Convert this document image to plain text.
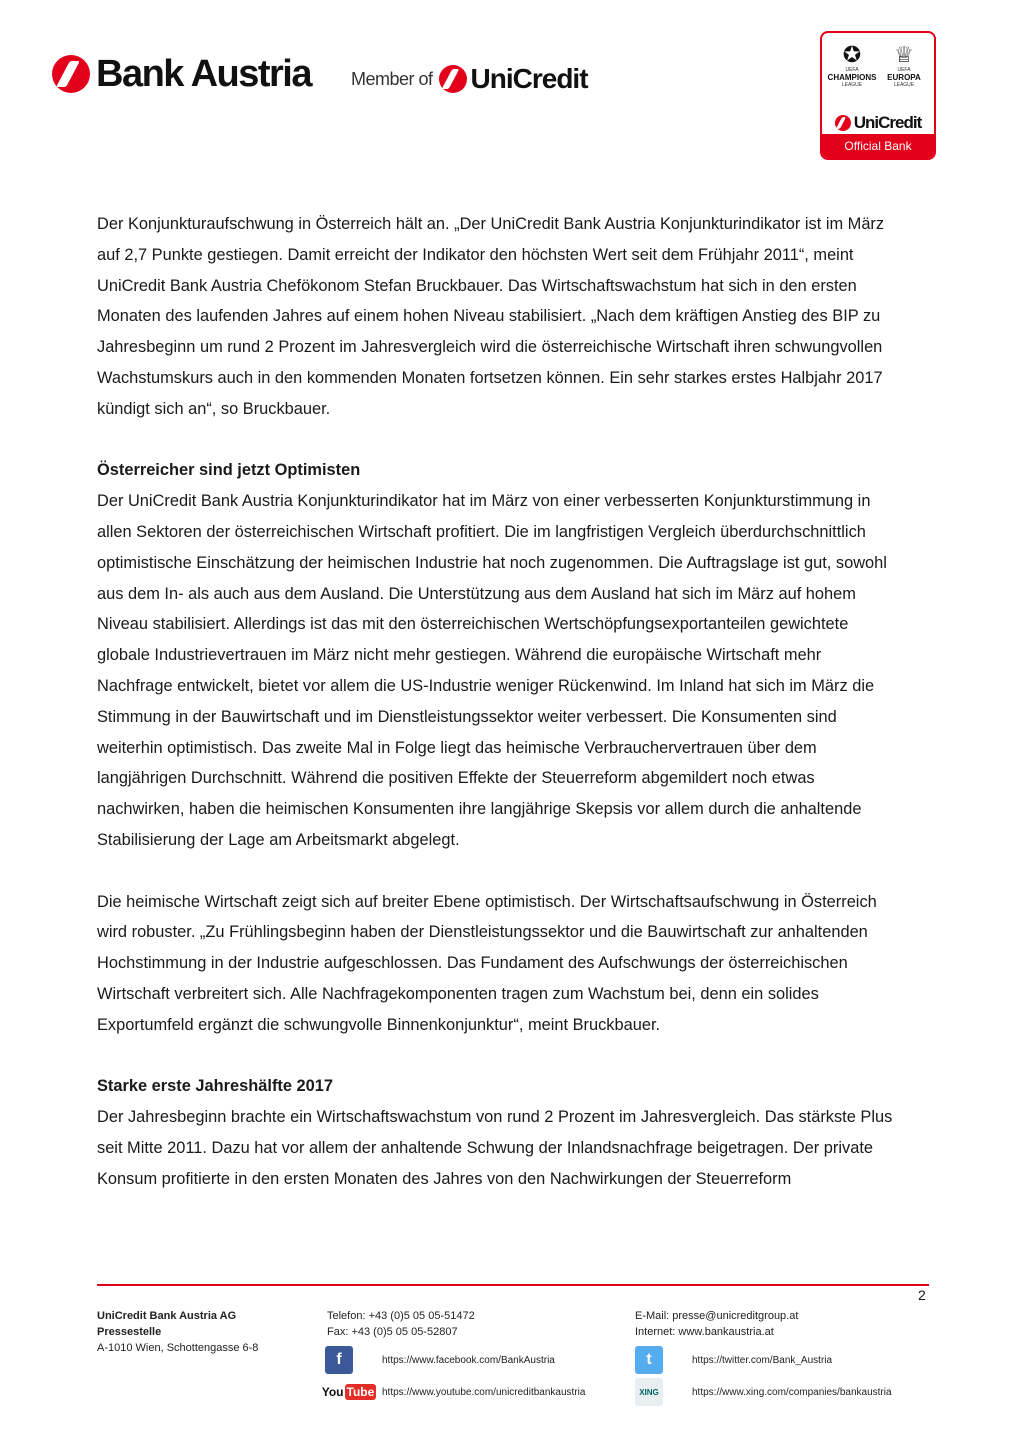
Bank Austria Member of UniCredit
✪
UEFA
CHAMPIONS
LEAGUE
♕
UEFA
EUROPA
LEAGUE
UniCredit
Official Bank

Der Konjunkturaufschwung in Österreich hält an. „Der UniCredit Bank Austria Konjunkturindikator ist im März auf 2,7 Punkte gestiegen. Damit erreicht der Indikator den höchsten Wert seit dem Frühjahr 2011“, meint UniCredit Bank Austria Chefökonom Stefan Bruckbauer. Das Wirtschaftswachstum hat sich in den ersten Monaten des laufenden Jahres auf einem hohen Niveau stabilisiert. „Nach dem kräftigen Anstieg des BIP zu Jahresbeginn um rund 2 Prozent im Jahresvergleich wird die österreichische Wirtschaft ihren schwungvollen Wachstumskurs auch in den kommenden Monaten fortsetzen können. Ein sehr starkes erstes Halbjahr 2017 kündigt sich an“, so Bruckbauer.

Österreicher sind jetzt Optimisten

Der UniCredit Bank Austria Konjunkturindikator hat im März von einer verbesserten Konjunkturstimmung in allen Sektoren der österreichischen Wirtschaft profitiert. Die im langfristigen Vergleich überdurchschnittlich optimistische Einschätzung der heimischen Industrie hat noch zugenommen. Die Auftragslage ist gut, sowohl aus dem In- als auch aus dem Ausland. Die Unterstützung aus dem Ausland hat sich im März auf hohem Niveau stabilisiert. Allerdings ist das mit den österreichischen Wertschöpfungsexportanteilen gewichtete globale Industrievertrauen im März nicht mehr gestiegen. Während die europäische Wirtschaft mehr Nachfrage entwickelt, bietet vor allem die US-Industrie weniger Rückenwind. Im Inland hat sich im März die Stimmung in der Bauwirtschaft und im Dienstleistungssektor weiter verbessert. Die Konsumenten sind weiterhin optimistisch. Das zweite Mal in Folge liegt das heimische Verbrauchervertrauen über dem langjährigen Durchschnitt. Während die positiven Effekte der Steuerreform abgemildert noch etwas nachwirken, haben die heimischen Konsumenten ihre langjährige Skepsis vor allem durch die anhaltende Stabilisierung der Lage am Arbeitsmarkt abgelegt.

Die heimische Wirtschaft zeigt sich auf breiter Ebene optimistisch. Der Wirtschaftsaufschwung in Österreich wird robuster. „Zu Frühlingsbeginn haben der Dienstleistungssektor und die Bauwirtschaft zur anhaltenden Hochstimmung in der Industrie aufgeschlossen. Das Fundament des Aufschwungs der österreichischen Wirtschaft verbreitert sich. Alle Nachfragekomponenten tragen zum Wachstum bei, denn ein solides Exportumfeld ergänzt die schwungvolle Binnenkonjunktur“, meint Bruckbauer.

Starke erste Jahreshälfte 2017

Der Jahresbeginn brachte ein Wirtschaftswachstum von rund 2 Prozent im Jahresvergleich. Das stärkste Plus seit Mitte 2011. Dazu hat vor allem der anhaltende Schwung der Inlandsnachfrage beigetragen. Der private Konsum profitierte in den ersten Monaten des Jahres von den Nachwirkungen der Steuerreform

2
UniCredit Bank Austria AG
Pressestelle
A-1010 Wien, Schottengasse 6-8
Telefon: +43 (0)5 05 05-51472
Fax: +43 (0)5 05 05-52807
E-Mail: presse@unicreditgroup.at
Internet: www.bankaustria.at
f	https://www.facebook.com/BankAustria
You Tube https://www.youtube.com/unicreditbankaustria
t	https://twitter.com/Bank_Austria
XING	https://www.xing.com/companies/bankaustria
